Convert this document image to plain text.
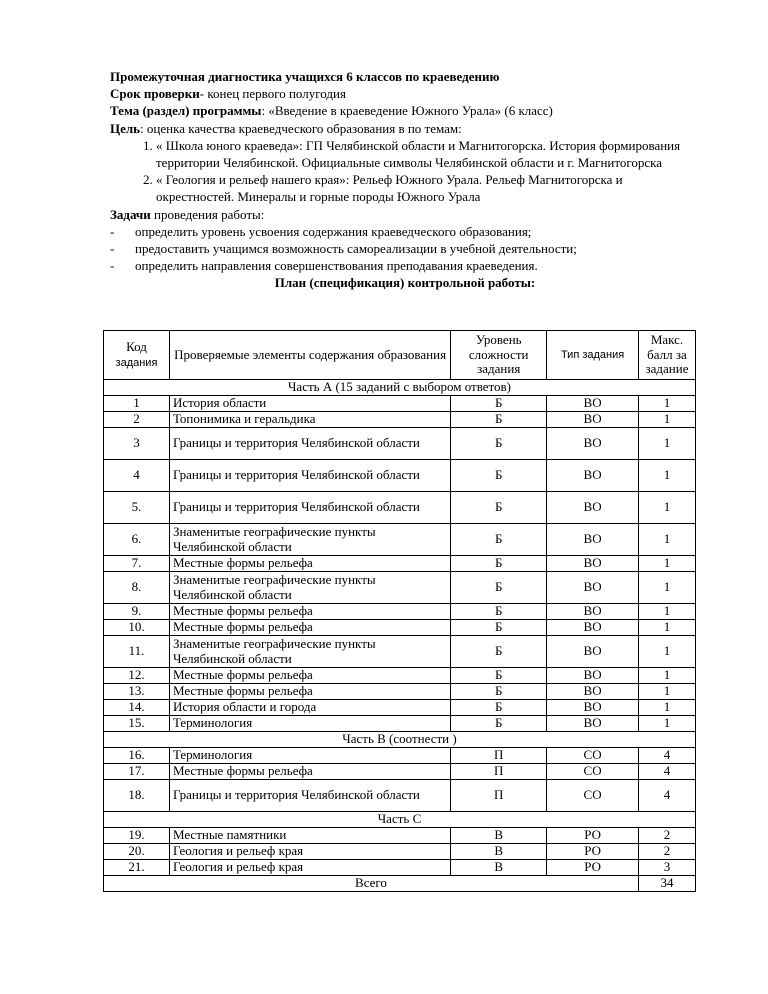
Промежуточная диагностика учащихся 6 классов по краеведению

Срок проверки- конец первого полугодия

Тема (раздел) программы: «Введение в краеведение Южного Урала» (6 класс)

Цель: оценка качества краеведческого образования в по темам:

1. « Школа юного краеведа»: ГП Челябинской области и Магнитогорска. История формирования территории Челябинской. Официальные символы Челябинской области и г. Магнитогорска
2. « Геология и рельеф нашего края»: Рельеф Южного Урала. Рельеф Магнитогорска и окрестностей. Минералы и горные породы Южного Урала

Задачи проведения работы:

- определить уровень усвоения содержания краеведческого образования;
- предоставить учащимся возможность самореализации в учебной деятельности;
- определить направления совершенствования преподавания краеведения.

План (спецификация) контрольной работы:

Код
задания	Проверяемые элементы содержания образования	Уровень сложности задания	Тип задания	Макс. балл за задание
Часть А (15 заданий с выбором ответов)				
1	История области	Б	ВО	1
2	Топонимика и геральдика	Б	ВО	1
3	Границы и территория Челябинской области	Б	ВО	1
4	Границы и территория Челябинской области	Б	ВО	1
5.	Границы и территория Челябинской области	Б	ВО	1
6.	Знаменитые географические пункты Челябинской области	Б	ВО	1
7.	Местные формы рельефа	Б	ВО	1
8.	Знаменитые географические пункты Челябинской области	Б	ВО	1
9.	Местные формы рельефа	Б	ВО	1
10.	Местные формы рельефа	Б	ВО	1
11.	Знаменитые географические пункты Челябинской области	Б	ВО	1
12.	Местные формы рельефа	Б	ВО	1
13.	Местные формы рельефа	Б	ВО	1
14.	История области и города	Б	ВО	1
15.	Терминология	Б	ВО	1
Часть В (соотнести )				
16.	Терминология	П	СО	4
17.	Местные формы рельефа	П	СО	4
18.	Границы и территория Челябинской области	П	СО	4
Часть С				
19.	Местные памятники	В	РО	2
20.	Геология и рельеф края	В	РО	2
21.	Геология и рельеф края	В	РО	3
Всего				34
